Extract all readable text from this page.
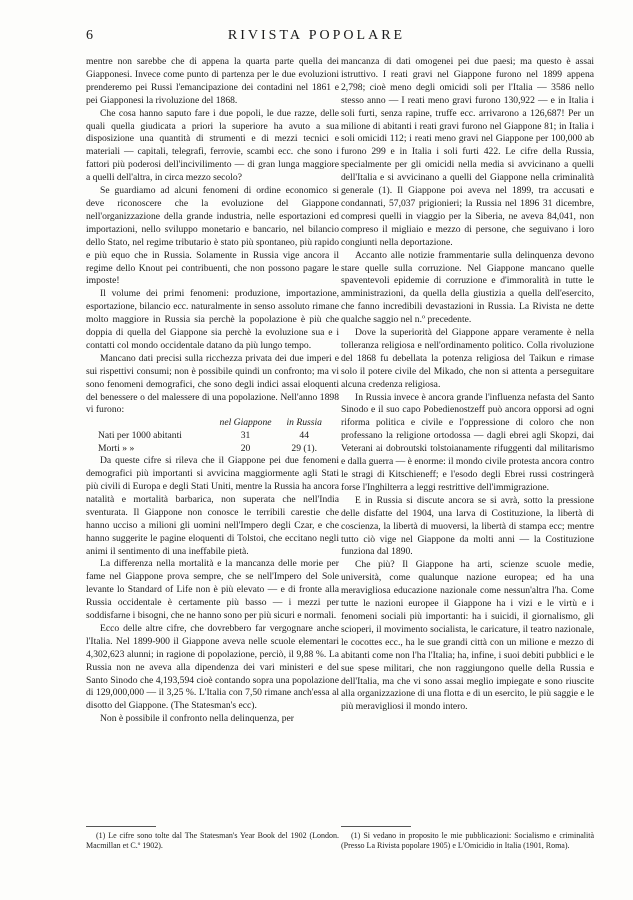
6	RIVISTA POPOLARE

mentre non sarebbe che di appena la quarta parte quella dei Giapponesi. Invece come punto di partenza per le due evoluzioni prenderemo pei Russi l'emancipazione dei contadini nel 1861 e pei Giapponesi la rivoluzione del 1868.

Che cosa hanno saputo fare i due popoli, le due razze, delle quali quella giudicata a priori la superiore ha avuto a sua disposizione una quantità di strumenti e di mezzi tecnici e materiali — capitali, telegrafi, ferrovie, scambi ecc. che sono i fattori più poderosi dell'incivilimento — di gran lunga maggiore a quelli dell'altra, in circa mezzo secolo?

Se guardiamo ad alcuni fenomeni di ordine economico si deve riconoscere che la evoluzione del Giappone nell'organizzazione della grande industria, nelle esportazioni ed importazioni, nello sviluppo monetario e bancario, nel bilancio dello Stato, nel regime tributario è stato più spontaneo, più rapido e più equo che in Russia. Solamente in Russia vige ancora il regime dello Knout pei contribuenti, che non possono pagare le imposte!

Il volume dei primi fenomeni: produzione, importazione, esportazione, bilancio ecc. naturalmente in senso assoluto rimane molto maggiore in Russia sia perchè la popolazione è più che doppia di quella del Giappone sia perchè la evoluzione sua e i contatti col mondo occidentale datano da più lungo tempo.

Mancano dati precisi sulla ricchezza privata dei due imperi e sui rispettivi consumi; non è possibile quindi un confronto; ma vi sono fenomeni demografici, che sono degli indici assai eloquenti del benessere o del malessere di una popolazione. Nell'anno 1898 vi furono:

	nel Giappone	in Russia
Nati per 1000 abitanti	31	44
Morti » »	20	29 (1).

Da queste cifre si rileva che il Giappone pei due fenomeni demografici più importanti si avvicina maggiormente agli Stati più civili di Europa e degli Stati Uniti, mentre la Russia ha ancora natalità e mortalità barbarica, non superata che nell'India sventurata. Il Giappone non conosce le terribili carestie che hanno ucciso a milioni gli uomini nell'Impero degli Czar, e che hanno suggerite le pagine eloquenti di Tolstoi, che eccitano negli animi il sentimento di una ineffabile pietà.

La differenza nella mortalità e la mancanza delle morie per fame nel Giappone prova sempre, che se nell'Impero del Sole levante lo Standard of Life non è più elevato — e di fronte alla Russia occidentale è certamente più basso — i mezzi per soddisfarne i bisogni, che ne hanno sono per più sicuri e normali.

Ecco delle altre cifre, che dovrebbero far vergognare anche l'Italia. Nel 1899-900 il Giappone aveva nelle scuole elementari 4,302,623 alunni; in ragione di popolazione, perciò, il 9,88 %. La Russia non ne aveva alla dipendenza dei vari ministeri e del Santo Sinodo che 4,193,594 cioè contando sopra una popolazione di 129,000,000 — il 3,25 %. L'Italia con 7,50 rimane anch'essa al disotto del Giappone. (The Statesman's ecc).

Non è possibile il confronto nella delinquenza, per

mancanza di dati omogenei pei due paesi; ma questo è assai istruttivo. I reati gravi nel Giappone furono nel 1899 appena 2,798; cioè meno degli omicidi soli per l'Italia — 3586 nello stesso anno — I reati meno gravi furono 130,922 — e in Italia i soli furti, senza rapine, truffe ecc. arrivarono a 126,687! Per un milione di abitanti i reati gravi furono nel Giappone 81; in Italia i soli omicidi 112; i reati meno gravi nel Giappone per 100,000 ab furono 299 e in Italia i soli furti 422. Le cifre della Russia, specialmente per gli omicidi nella media si avvicinano a quelli dell'Italia e si avvicinano a quelli del Giappone nella criminalità generale (1). Il Giappone poi aveva nel 1899, tra accusati e condannati, 57,037 prigionieri; la Russia nel 1896 31 dicembre, compresi quelli in viaggio per la Siberia, ne aveva 84,041, non compreso il migliaio e mezzo di persone, che seguivano i loro congiunti nella deportazione.

Accanto alle notizie frammentarie sulla delinquenza devono stare quelle sulla corruzione. Nel Giappone mancano quelle spaventevoli epidemie di corruzione e d'immoralità in tutte le amministrazioni, da quella della giustizia a quella dell'esercito, che fanno incredibili devastazioni in Russia. La Rivista ne dette qualche saggio nel n.º precedente.

Dove la superiorità del Giappone appare veramente è nella tolleranza religiosa e nell'ordinamento politico. Colla rivoluzione del 1868 fu debellata la potenza religiosa del Taikun e rimase solo il potere civile del Mikado, che non si attenta a perseguitare alcuna credenza religiosa.

In Russia invece è ancora grande l'influenza nefasta del Santo Sinodo e il suo capo Pobedienostzeff può ancora opporsi ad ogni riforma politica e civile e l'oppressione di coloro che non professano la religione ortodossa — dagli ebrei agli Skopzi, dai Veterani ai dobroutski tolstoianamente rifuggenti dal militarismo e dalla guerra — è enorme: il mondo civile protesta ancora contro le stragi di Kitschieneff; e l'esodo degli Ebrei russi costringerà forse l'Inghilterra a leggi restrittive dell'immigrazione.

E in Russia si discute ancora se si avrà, sotto la pressione delle disfatte del 1904, una larva di Costituzione, la libertà di coscienza, la libertà di muoversi, la libertà di stampa ecc; mentre tutto ciò vige nel Giappone da molti anni — la Costituzione funziona dal 1890.

Che più? Il Giappone ha arti, scienze scuole medie, università, come qualunque nazione europea; ed ha una meravigliosa educazione nazionale come nessun'altra l'ha. Come tutte le nazioni europee il Giappone ha i vizi e le virtù e i fenomeni sociali più importanti: ha i suicidi, il giornalismo, gli scioperi, il movimento socialista, le caricature, il teatro nazionale, le cocottes ecc., ha le sue grandi città con un milione e mezzo di abitanti come non l'ha l'Italia; ha, infine, i suoi debiti pubblici e le sue spese militari, che non raggiungono quelle della Russia e dell'Italia, ma che vi sono assai meglio impiegate e sono riuscite alla organizzazione di una flotta e di un esercito, le più saggie e le più meravigliosi il mondo intero.

(1) Le cifre sono tolte dal The Statesman's Year Book del 1902 (London. Macmillan et C.º 1902).

(1) Si vedano in proposito le mie pubblicazioni: Socialismo e criminalità (Presso La Rivista popolare 1905) e L'Omicidio in Italia (1901, Roma).
